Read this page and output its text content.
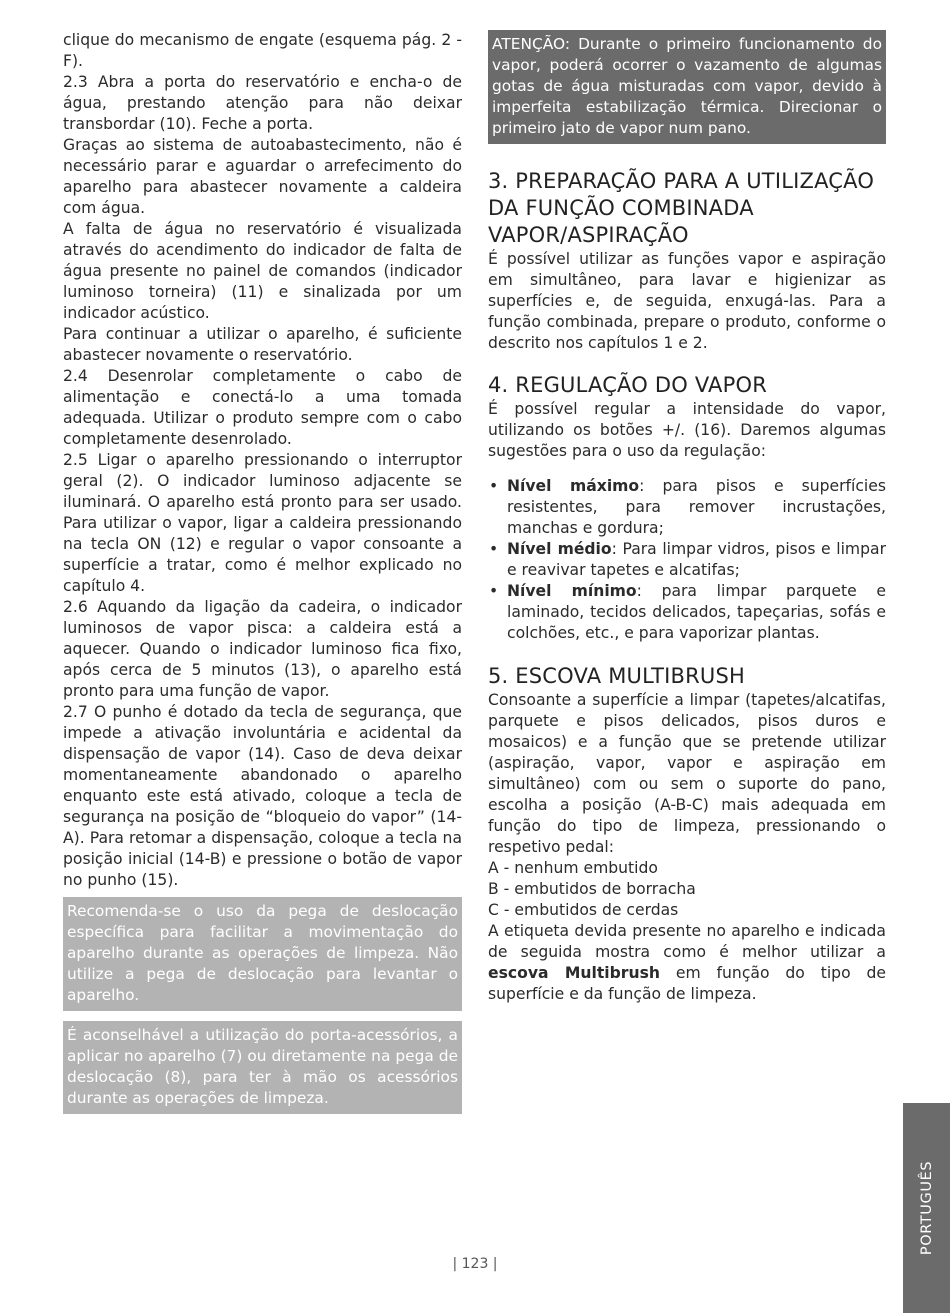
clique do mecanismo de engate (esquema pág. 2 - F).

2.3 Abra a porta do reservatório e encha-o de água, prestando atenção para não deixar transbordar (10). Feche a porta.

Graças ao sistema de autoabastecimento, não é necessário parar e aguardar o arrefecimento do aparelho para abastecer novamente a caldeira com água.

A falta de água no reservatório é visualizada através do acendimento do indicador de falta de água presente no painel de comandos (indicador luminoso torneira) (11) e sinalizada por um indicador acústico.

Para continuar a utilizar o aparelho, é suficiente abastecer novamente o reservatório.

2.4 Desenrolar completamente o cabo de alimentação e conectá-lo a uma tomada adequada. Utilizar o produto sempre com o cabo completamente desenrolado.

2.5 Ligar o aparelho pressionando o interruptor geral (2). O indicador luminoso adjacente se iluminará. O aparelho está pronto para ser usado. Para utilizar o vapor, ligar a caldeira pressionando na tecla ON (12) e regular o vapor consoante a superfície a tratar, como é melhor explicado no capítulo 4.

2.6 Aquando da ligação da cadeira, o indicador luminosos de vapor pisca: a caldeira está a aquecer. Quando o indicador luminoso fica fixo, após cerca de 5 minutos (13), o aparelho está pronto para uma função de vapor.

2.7 O punho é dotado da tecla de segurança, que impede a ativação involuntária e acidental da dispensação de vapor (14). Caso de deva deixar momentaneamente abandonado o aparelho enquanto este está ativado, coloque a tecla de segurança na posição de “bloqueio do vapor” (14-A). Para retomar a dispensação, coloque a tecla na posição inicial (14-B) e pressione o botão de vapor no punho (15).

Recomenda-se o uso da pega de deslocação específica para facilitar a movimentação do aparelho durante as operações de limpeza. Não utilize a pega de deslocação para levantar o aparelho.
É aconselhável a utilização do porta-acessórios, a aplicar no aparelho (7) ou diretamente na pega de deslocação (8), para ter à mão os acessórios durante as operações de limpeza.
ATENÇÃO: Durante o primeiro funcionamento do vapor, poderá ocorrer o vazamento de algumas gotas de água misturadas com vapor, devido à imperfeita estabilização térmica. Direcionar o primeiro jato de vapor num pano.
3. PREPARAÇÃO PARA A UTILIZAÇÃO DA FUNÇÃO COMBINADA VAPOR/ASPIRAÇÃO

É possível utilizar as funções vapor e aspiração em simultâneo, para lavar e higienizar as superfícies e, de seguida, enxugá-las. Para a função combinada, prepare o produto, conforme o descrito nos capítulos 1 e 2.

4. REGULAÇÃO DO VAPOR

É possível regular a intensidade do vapor, utilizando os botões +/. (16). Daremos algumas sugestões para o uso da regulação:

• Nível máximo: para pisos e superfícies resistentes, para remover incrustações, manchas e gordura;
• Nível médio: Para limpar vidros, pisos e limpar e reavivar tapetes e alcatifas;
• Nível mínimo: para limpar parquete e laminado, tecidos delicados, tapeçarias, sofás e colchões, etc., e para vaporizar plantas.
5. ESCOVA MULTIBRUSH

Consoante a superfície a limpar (tapetes/alcatifas, parquete e pisos delicados, pisos duros e mosaicos) e a função que se pretende utilizar (aspiração, vapor, vapor e aspiração em simultâneo) com ou sem o suporte do pano, escolha a posição (A-B-C) mais adequada em função do tipo de limpeza, pressionando o respetivo pedal:

A - nenhum embutido

B - embutidos de borracha

C - embutidos de cerdas

A etiqueta devida presente no aparelho e indicada de seguida mostra como é melhor utilizar a escova Multibrush em função do tipo de superfície e da função de limpeza.

| 123 |
PORTUGUÊS
